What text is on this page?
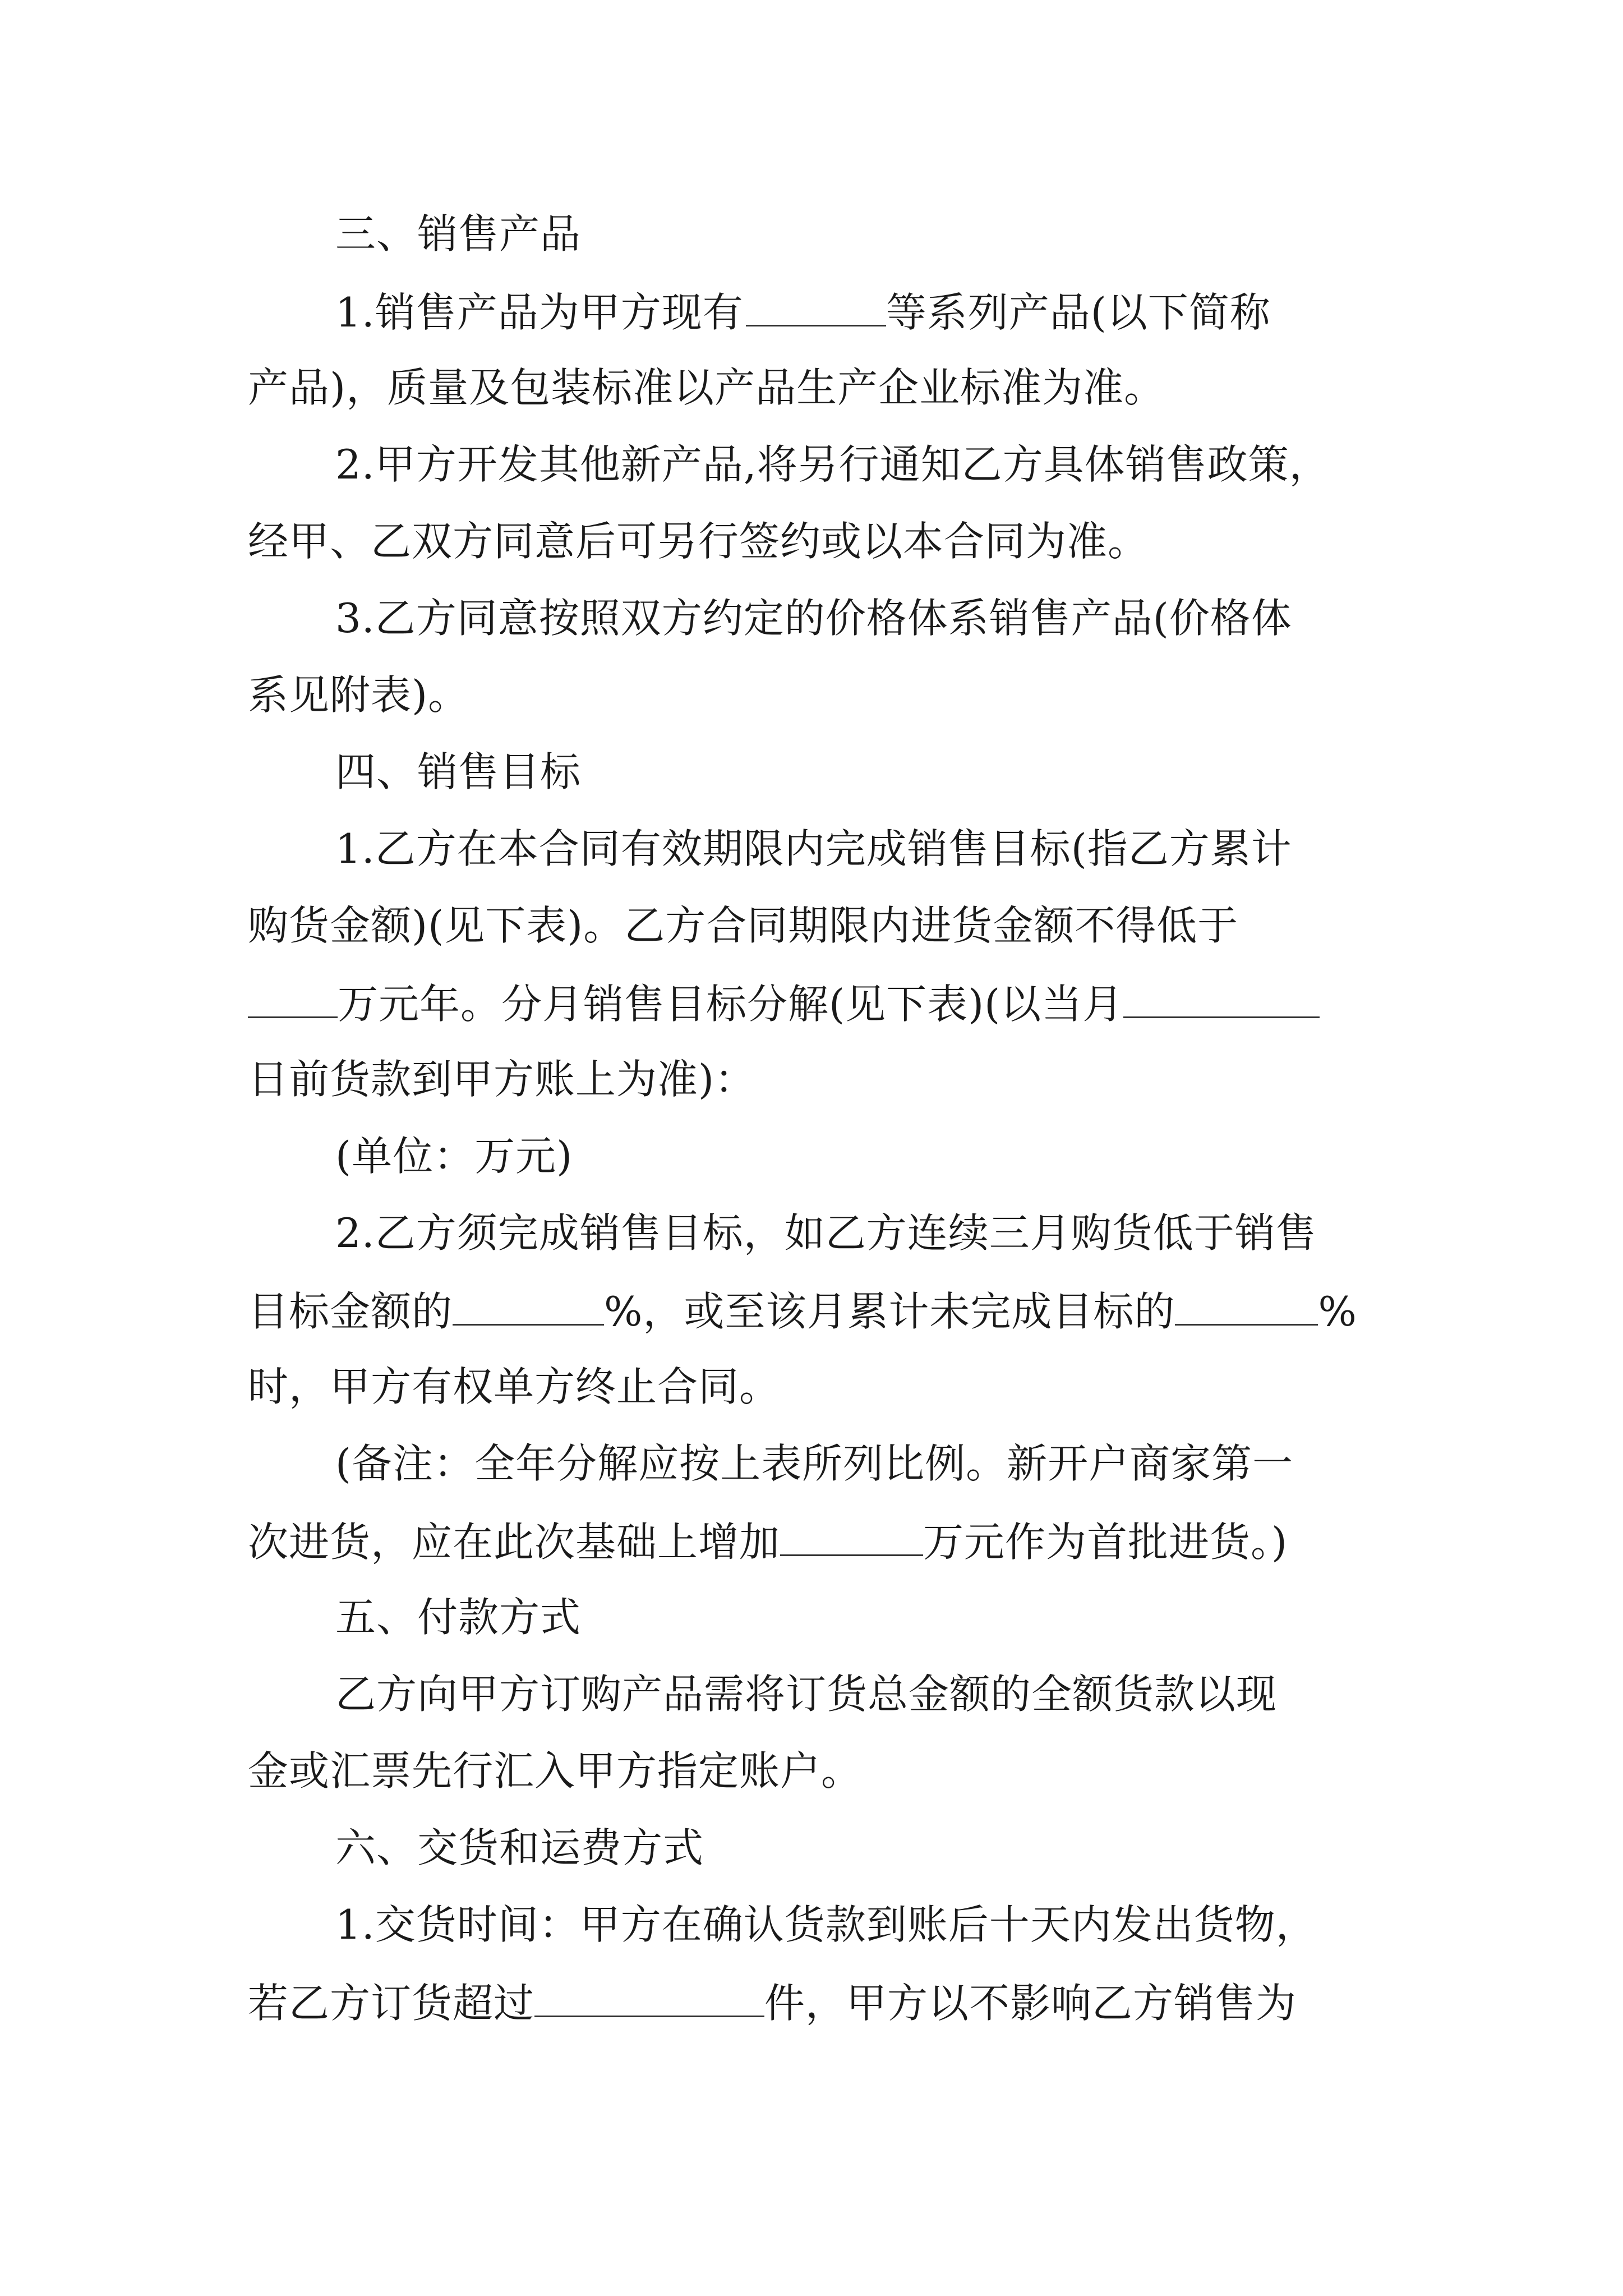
三、销售产品
1.销售产品为甲方现有	等系列产品(以下简称
产品)，质量及包装标准以产品生产企业标准为准。
2.甲方开发其他新产品,将另行通知乙方具体销售政策，
经甲、乙双方同意后可另行签约或以本合同为准。
3.乙方同意按照双方约定的价格体系销售产品(价格体
系见附表)。
四、销售目标
1.乙方在本合同有效期限内完成销售目标(指乙方累计
购货金额)(见下表)。乙方合同期限内进货金额不得低于
万元年。分月销售目标分解(见下表)(以当月
日前货款到甲方账上为准)：
(单位：万元)
2.乙方须完成销售目标，如乙方连续三月购货低于销售
目标金额的	%，或至该月累计未完成目标的	%
时，甲方有权单方终止合同。
(备注：全年分解应按上表所列比例。新开户商家第一
次进货，应在此次基础上增加	万元作为首批进货。)
五、付款方式
乙方向甲方订购产品需将订货总金额的全额货款以现
金或汇票先行汇入甲方指定账户。
六、交货和运费方式
1.交货时间：甲方在确认货款到账后十天内发出货物，
若乙方订货超过	件，甲方以不影响乙方销售为
